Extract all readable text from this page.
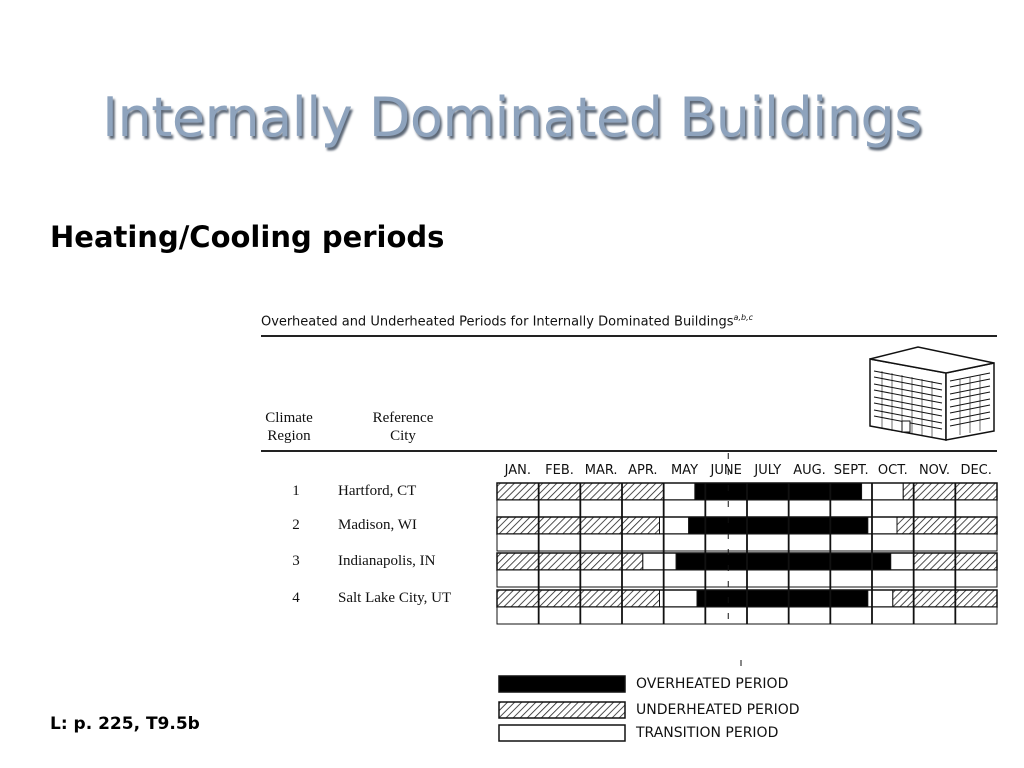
Internally Dominated Buildings
Heating/Cooling periods
L: p. 225, T9.5b
Overheated and Underheated Periods for Internally Dominated Buildings$^{a,b,c}$
Climate
Region
Reference
City
JAN.	FEB. MAR. APR.	MAY JUNE JULY AUG. SEPT. OCT. NOV. DEC.
1	Hartford, CT
2	Madison, WI
3	Indianapolis, IN
4	Salt Lake City, UT
OVERHEATED PERIOD
UNDERHEATED PERIOD
TRANSITION PERIOD
